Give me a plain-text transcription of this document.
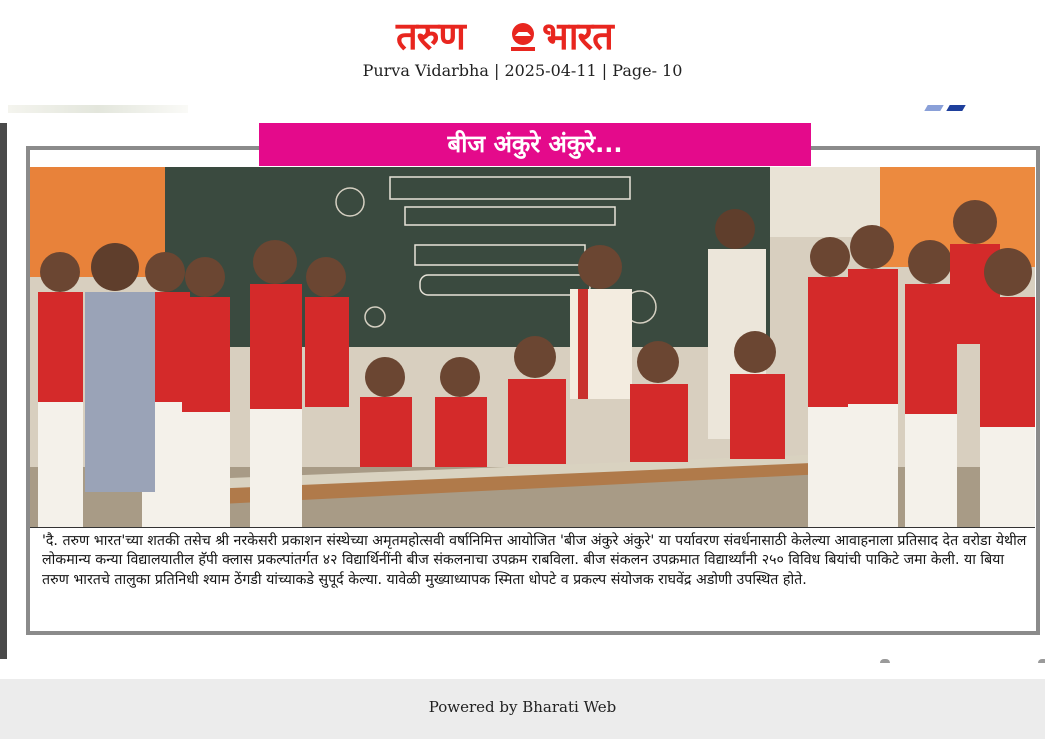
तरुण भारत
Purva Vidarbha | 2025-04-11 | Page- 10
बीज अंकुरे अंकुरे...
'दै. तरुण भारत'च्या शतकी तसेच श्री नरकेसरी प्रकाशन संस्थेच्या अमृतमहोत्सवी वर्षानिमित्त आयोजित 'बीज अंकुरे अंकुरे' या पर्यावरण संवर्धनासाठी केलेल्या आवाहनाला प्रतिसाद देत वरोडा येथील लोकमान्य कन्या विद्यालयातील हॅपी क्लास प्रकल्पांतर्गत ४२ विद्यार्थिनींनी बीज संकलनाचा उपक्रम राबविला. बीज संकलन उपक्रमात विद्यार्थ्यांनी २५० विविध बियांची पाकिटे जमा केली. या बिया तरुण भारतचे तालुका प्रतिनिधी श्याम ठेंगडी यांच्याकडे सुपूर्द केल्या. यावेळी मुख्याध्यापक स्मिता धोपटे व प्रकल्प संयोजक राघवेंद्र अडोणी उपस्थित होते.
Powered by Bharati Web
